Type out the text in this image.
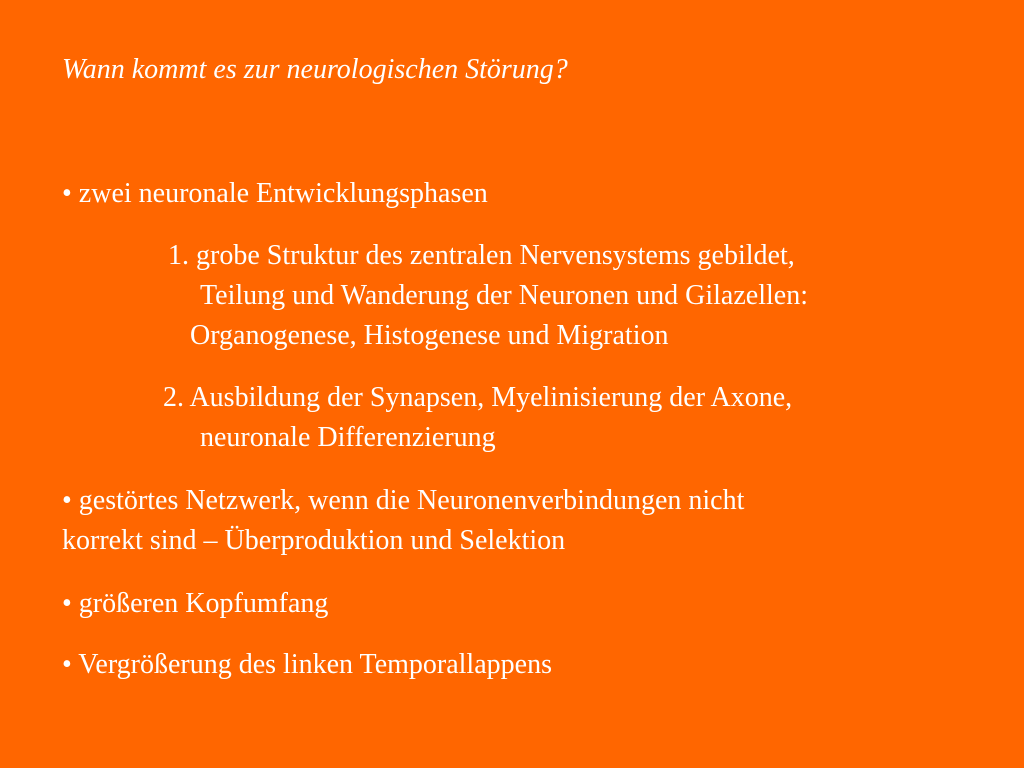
Wann kommt es zur neurologischen Störung?
• zwei neuronale Entwicklungsphasen
1. grobe Struktur des zentralen Nervensystems gebildet,
Teilung und Wanderung der Neuronen und Gilazellen:
Organogenese, Histogenese und Migration
2. Ausbildung der Synapsen, Myelinisierung der Axone,
neuronale Differenzierung
• gestörtes Netzwerk, wenn die Neuronenverbindungen nicht
korrekt sind – Überproduktion und Selektion
• größeren Kopfumfang
• Vergrößerung des linken Temporallappens
